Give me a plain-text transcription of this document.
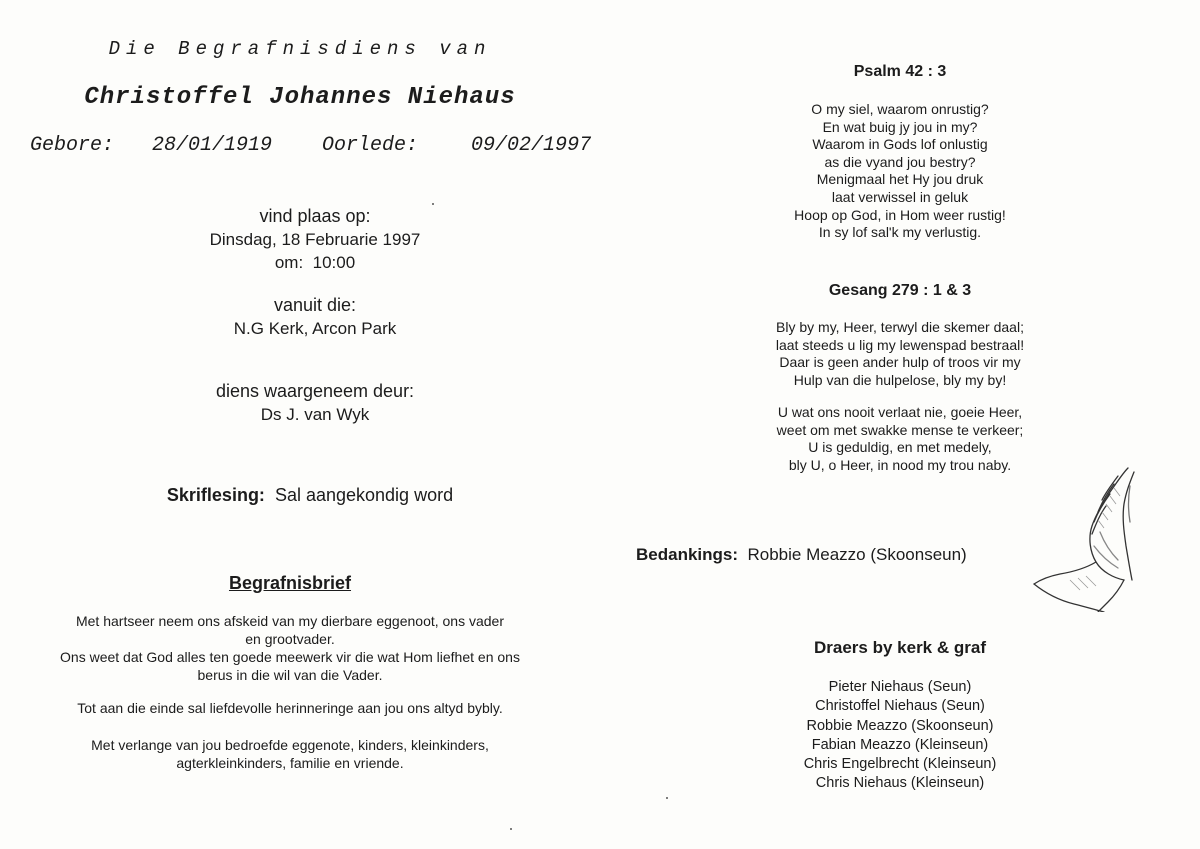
Die Begrafnisdiens van
Christoffel Johannes Niehaus
Gebore: 28/01/1919 Oorlede:	09/02/1997
vind plaas op:
Dinsdag, 18 Februarie 1997
om:  10:00
vanuit die:
N.G Kerk, Arcon Park
diens waargeneem deur:
Ds J. van Wyk
Skriflesing: Sal aangekondig word
Begrafnisbrief
Met hartseer neem ons afskeid van my dierbare eggenoot, ons vader
en grootvader.
Ons weet dat God alles ten goede meewerk vir die wat Hom liefhet en ons
berus in die wil van die Vader.
Tot aan die einde sal liefdevolle herinneringe aan jou ons altyd bybly.
Met verlange van jou bedroefde eggenote, kinders, kleinkinders,
agterkleinkinders, familie en vriende.
Psalm 42 : 3
O my siel, waarom onrustig?
En wat buig jy jou in my?
Waarom in Gods lof onlustig
as die vyand jou bestry?
Menigmaal het Hy jou druk
laat verwissel in geluk
Hoop op God, in Hom weer rustig!
In sy lof sal'k my verlustig.
Gesang 279 : 1 & 3
Bly by my, Heer, terwyl die skemer daal;
laat steeds u lig my lewenspad bestraal!
Daar is geen ander hulp of troos vir my
Hulp van die hulpelose, bly my by!
U wat ons nooit verlaat nie, goeie Heer,
weet om met swakke mense te verkeer;
U is geduldig, en met medely,
bly U, o Heer, in nood my trou naby.
Bedankings: Robbie Meazzo (Skoonseun)
Draers by kerk & graf
Pieter Niehaus (Seun)
Christoffel Niehaus (Seun)
Robbie Meazzo (Skoonseun)
Fabian Meazzo (Kleinseun)
Chris Engelbrecht (Kleinseun)
Chris Niehaus (Kleinseun)
